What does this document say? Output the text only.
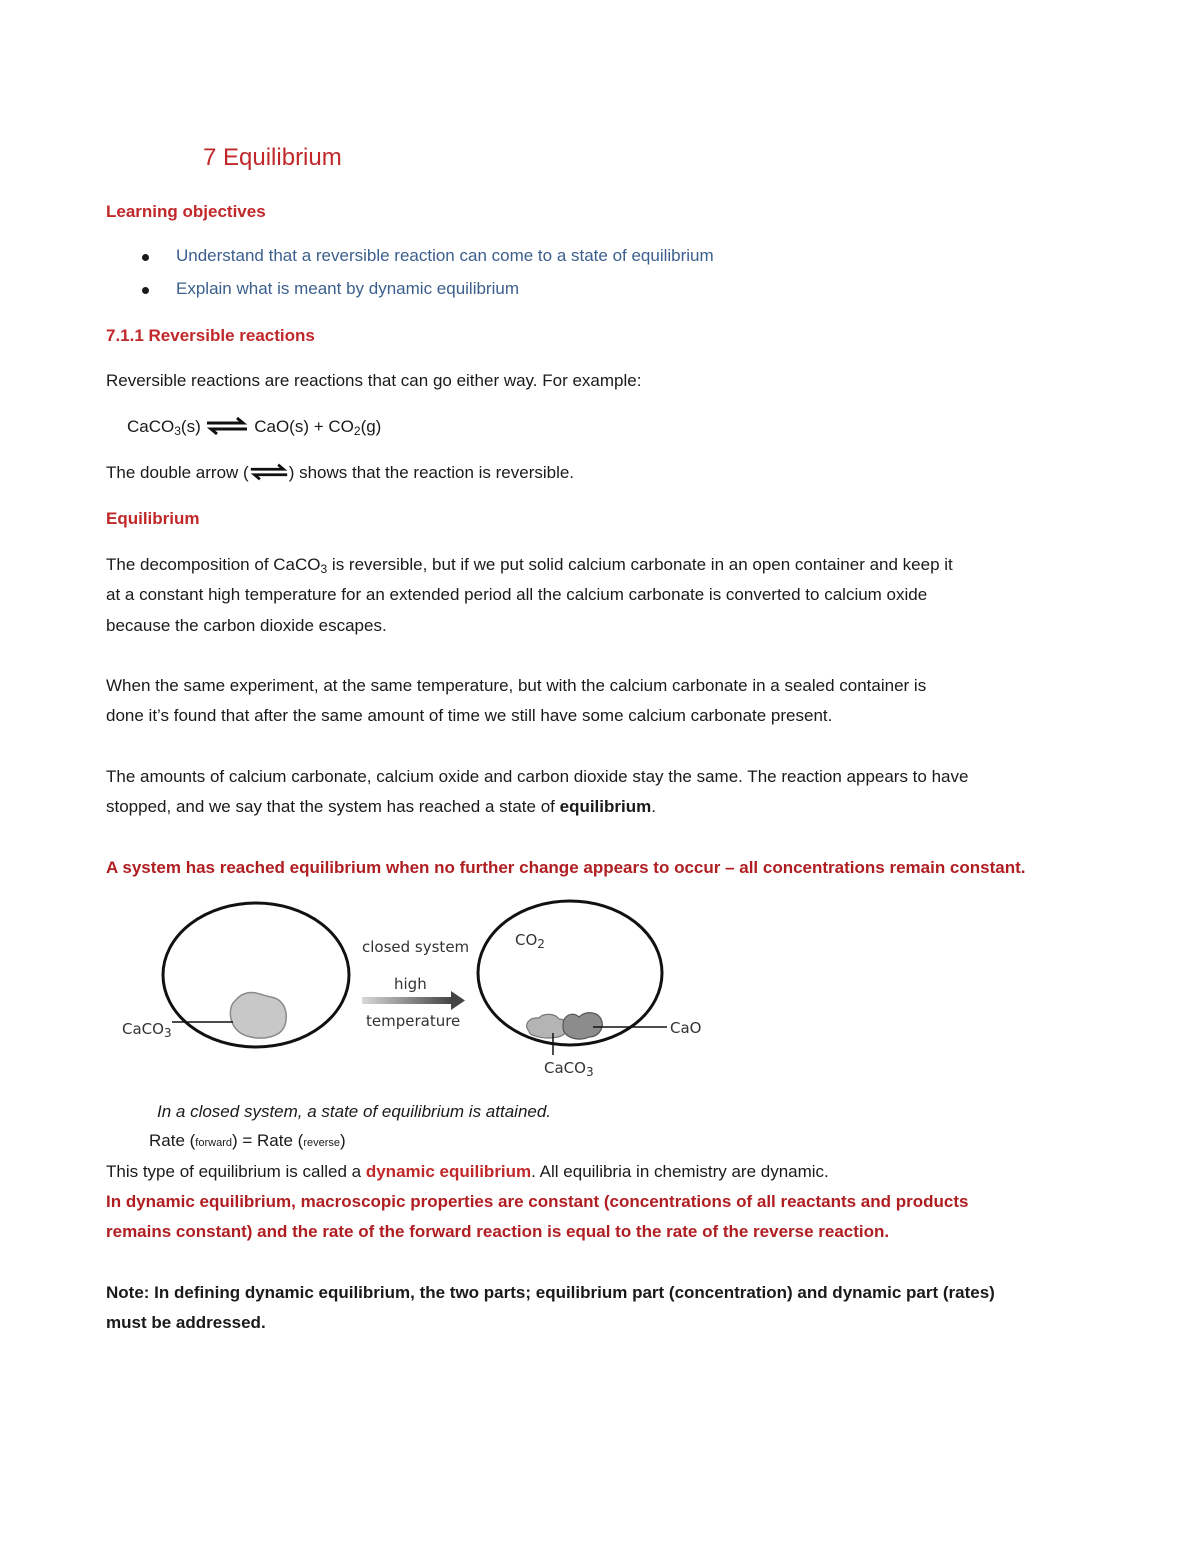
7 Equilibrium
Learning objectives
Understand that a reversible reaction can come to a state of equilibrium
Explain what is meant by dynamic equilibrium
7.1.1 Reversible reactions
Reversible reactions are reactions that can go either way. For example:
CaCO$_3$(s) ⇌ $CaO(s) + CO_2(g)$
The double arrow (⇌) shows that the reaction is reversible.
Equilibrium
The decomposition of CaCO$_3$ is reversible, but if we put solid calcium carbonate in an open container and keep it
at a constant high temperature for an extended period all the calcium carbonate is converted to calcium oxide
because the carbon dioxide escapes.
When the same experiment, at the same temperature, but with the calcium carbonate in a sealed container is
done it’s found that after the same amount of time we still have some calcium carbonate present.
The amounts of calcium carbonate, calcium oxide and carbon dioxide stay the same. The reaction appears to have
stopped, and we say that the system has reached a state of equilibrium.
A system has reached equilibrium when no further change appears to occur – all concentrations remain constant.
CaCO$_3$
closed system
high
temperature
$CO_2$
CaO
CaCO$_3$
In a closed system, a state of equilibrium is attained.
Rate (forward) = Rate (reverse)
This type of equilibrium is called a dynamic equilibrium. All equilibria in chemistry are dynamic.
In dynamic equilibrium, macroscopic properties are constant (concentrations of all reactants and products
remains constant) and the rate of the forward reaction is equal to the rate of the reverse reaction.
Note: In defining dynamic equilibrium, the two parts; equilibrium part (concentration) and dynamic part (rates)
must be addressed.
